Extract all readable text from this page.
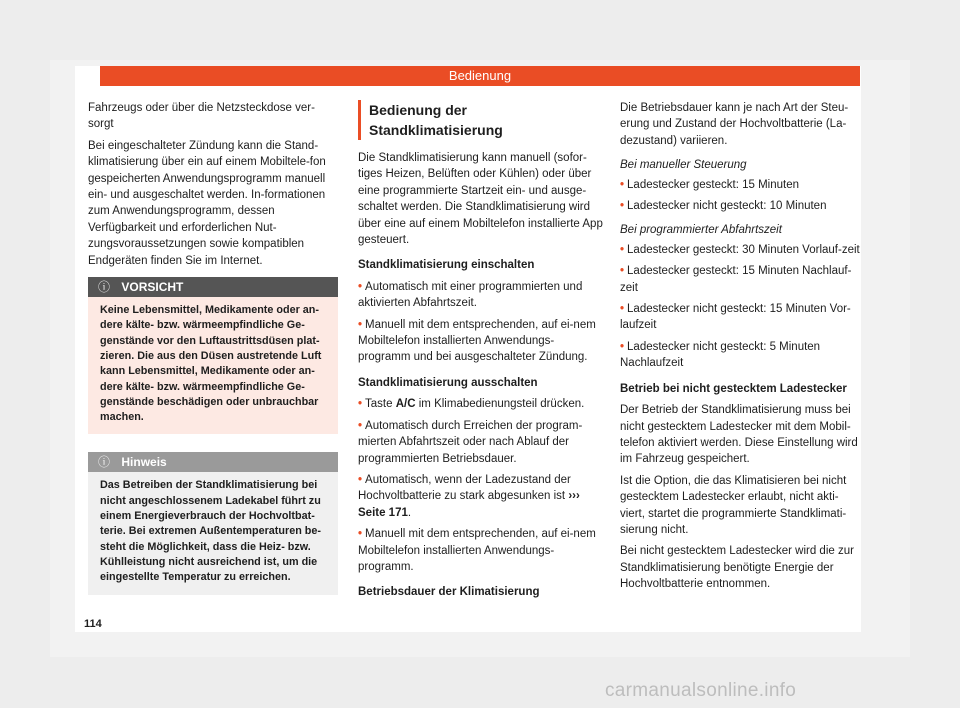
Bedienung

Fahrzeugs oder über die Netzsteckdose ver-sorgt

Bei eingeschalteter Zündung kann die Stand-klimatisierung über ein auf einem Mobiltele-fon gespeicherten Anwendungsprogramm manuell ein- und ausgeschaltet werden. In-formationen zum Anwendungsprogramm, dessen Verfügbarkeit und erforderlichen Nut-zungsvoraussetzungen sowie kompatiblen Endgeräten finden Sie im Internet.

ⓘ VORSICHT
Keine Lebensmittel, Medikamente oder an-dere kälte- bzw. wärmeempfindliche Ge-genstände vor den Luftaustrittsdüsen plat-zieren. Die aus den Düsen austretende Luft kann Lebensmittel, Medikamente oder an-dere kälte- bzw. wärmeempfindliche Ge-genstände beschädigen oder unbrauchbar machen.
ⓘ Hinweis
Das Betreiben der Standklimatisierung bei nicht angeschlossenem Ladekabel führt zu einem Energieverbrauch der Hochvoltbat-terie. Bei extremen Außentemperaturen be-steht die Möglichkeit, dass die Heiz- bzw. Kühlleistung nicht ausreichend ist, um die eingestellte Temperatur zu erreichen.
Bedienung der Standklimatisierung

Die Standklimatisierung kann manuell (sofor-tiges Heizen, Belüften oder Kühlen) oder über eine programmierte Startzeit ein- und ausge-schaltet werden. Die Standklimatisierung wird über eine auf einem Mobiltelefon installierte App gesteuert.

Standklimatisierung einschalten
• Automatisch mit einer programmierten und aktivierten Abfahrtszeit.
• Manuell mit dem entsprechenden, auf ei-nem Mobiltelefon installierten Anwendungs-programm und bei ausgeschalteter Zündung.
Standklimatisierung ausschalten
• Taste A/C im Klimabedienungsteil drücken.
• Automatisch durch Erreichen der program-mierten Abfahrtszeit oder nach Ablauf der programmierten Betriebsdauer.
• Automatisch, wenn der Ladezustand der Hochvoltbatterie zu stark abgesunken ist ››› Seite 171.
• Manuell mit dem entsprechenden, auf ei-nem Mobiltelefon installierten Anwendungs-programm.
Betriebsdauer der Klimatisierung

Die Betriebsdauer kann je nach Art der Steu-erung und Zustand der Hochvoltbatterie (La-dezustand) variieren.

Bei manueller Steuerung
• Ladestecker gesteckt: 15 Minuten
• Ladestecker nicht gesteckt: 10 Minuten
Bei programmierter Abfahrtszeit
• Ladestecker gesteckt: 30 Minuten Vorlauf-zeit
• Ladestecker gesteckt: 15 Minuten Nachlauf-zeit
• Ladestecker nicht gesteckt: 15 Minuten Vor-laufzeit
• Ladestecker nicht gesteckt: 5 Minuten Nachlaufzeit
Betrieb bei nicht gestecktem Ladestecker

Der Betrieb der Standklimatisierung muss bei nicht gestecktem Ladestecker mit dem Mobil-telefon aktiviert werden. Diese Einstellung wird im Fahrzeug gespeichert.

Ist die Option, die das Klimatisieren bei nicht gestecktem Ladestecker erlaubt, nicht akti-viert, startet die programmierte Standklimati-sierung nicht.

Bei nicht gestecktem Ladestecker wird die zur Standklimatisierung benötigte Energie der Hochvoltbatterie entnommen.

114
carmanualsonline.info
